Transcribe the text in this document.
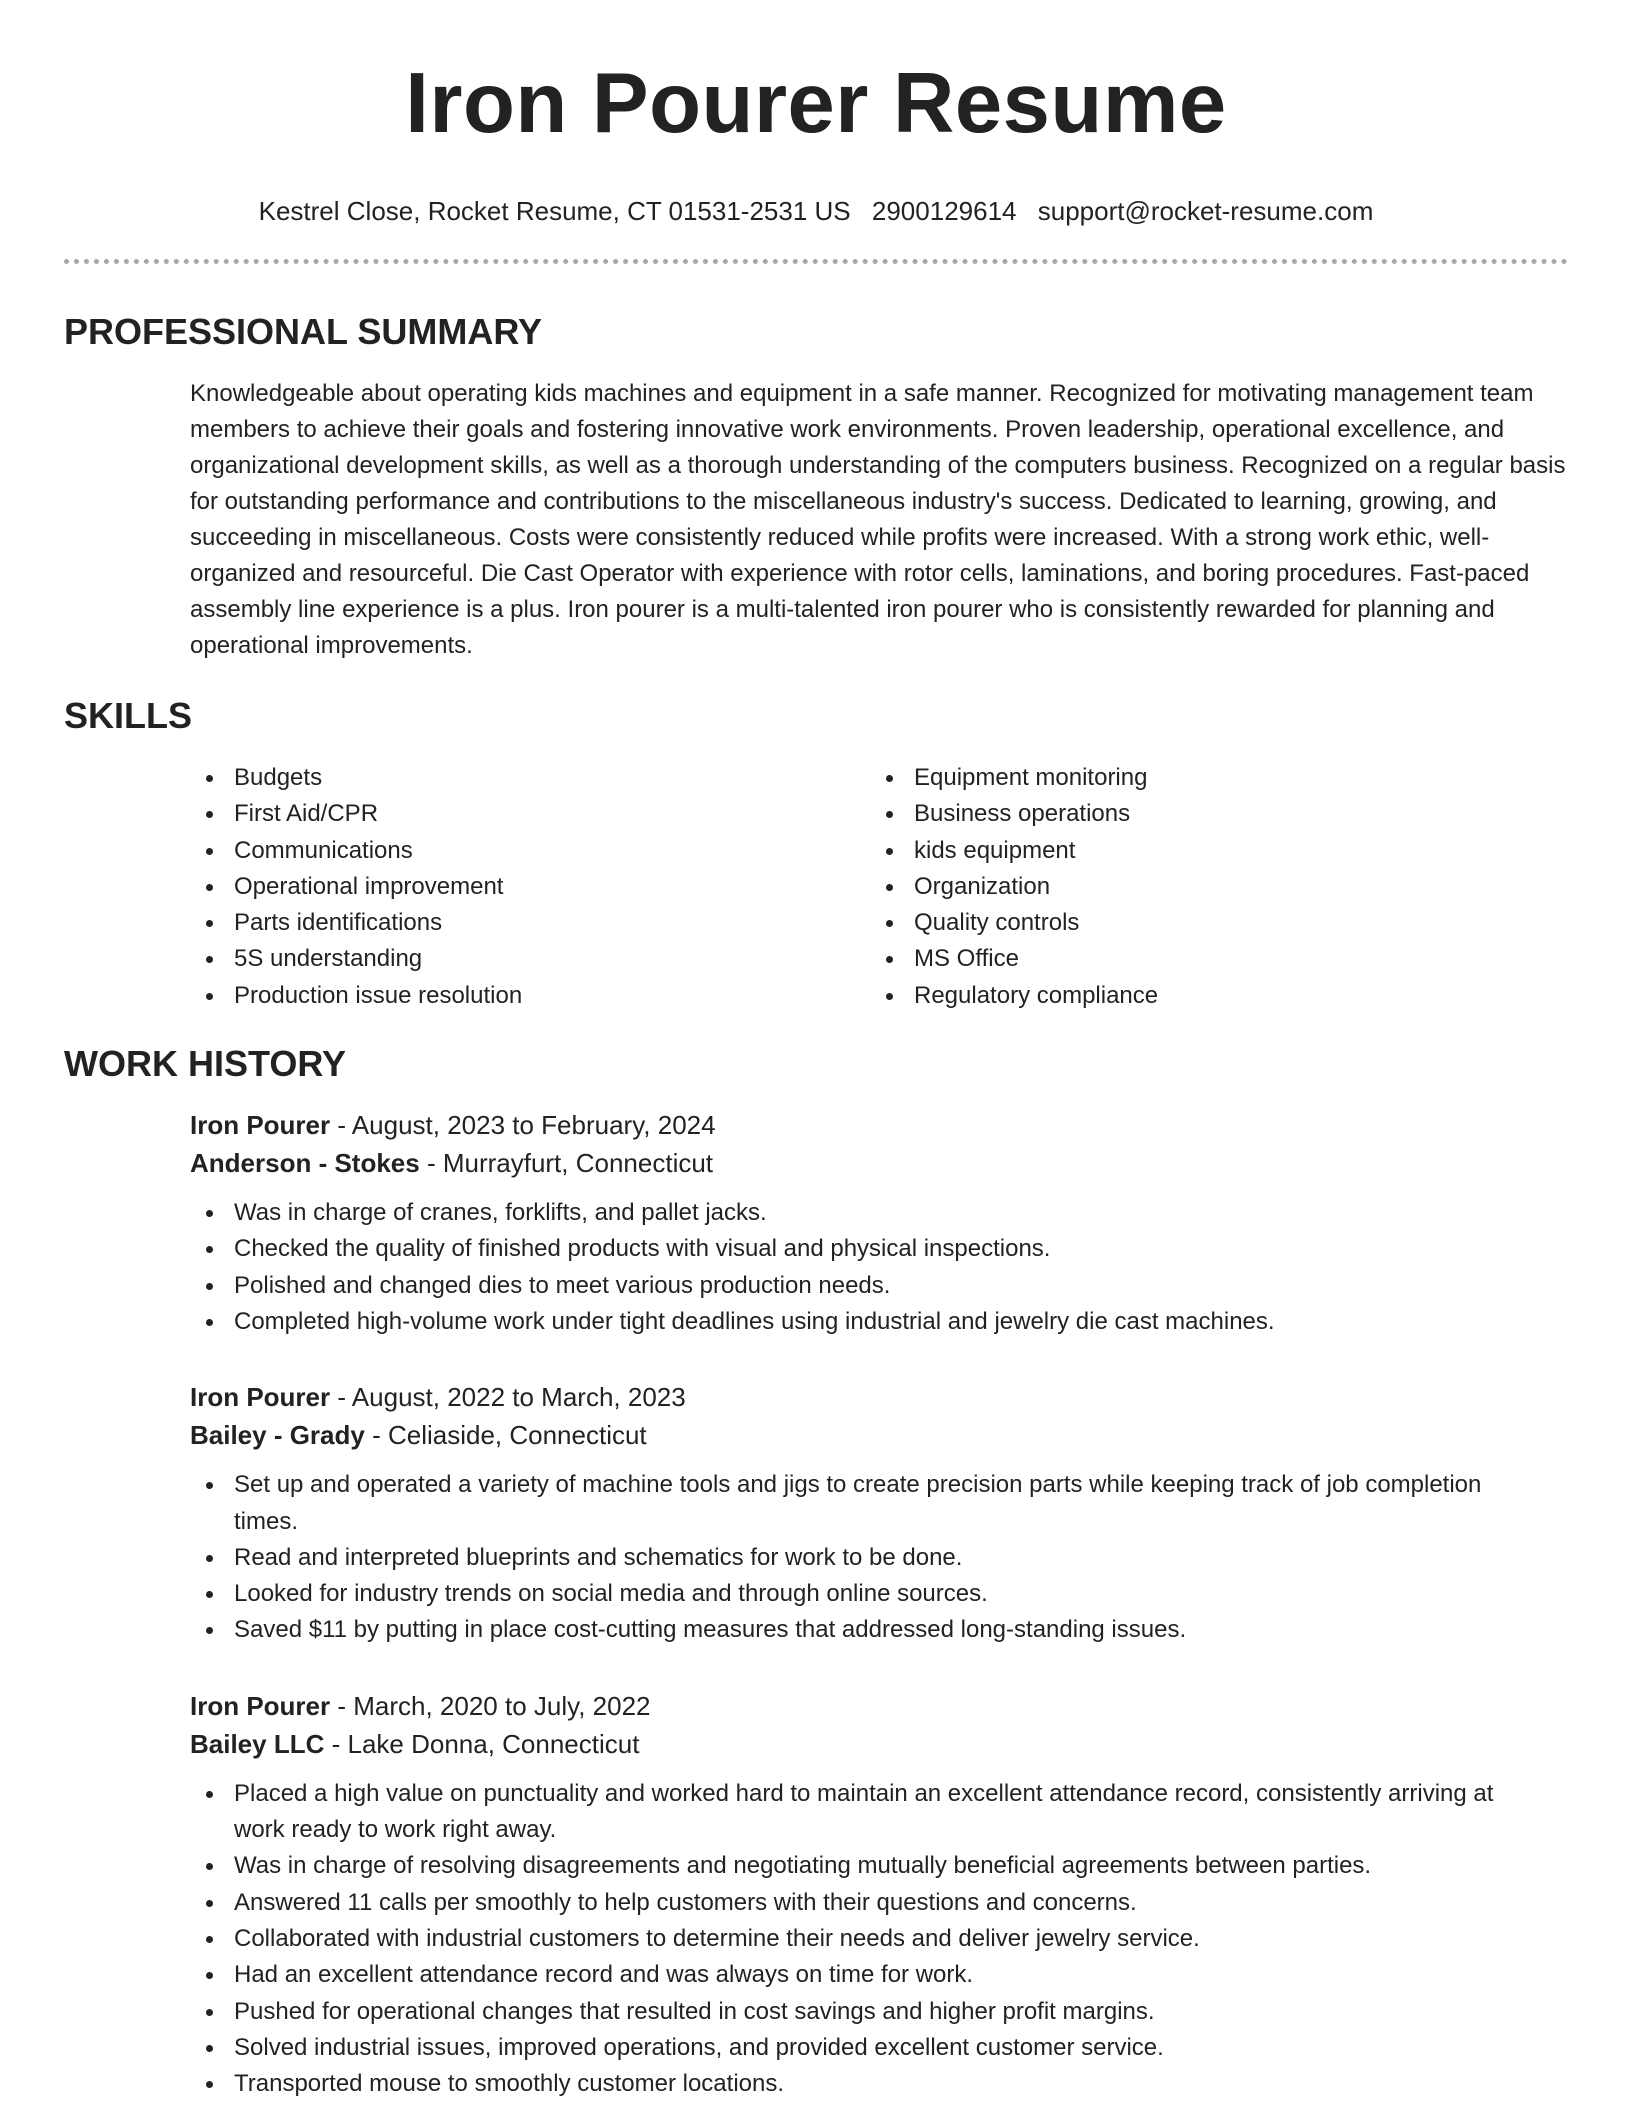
Iron Pourer Resume
Kestrel Close, Rocket Resume, CT 01531-2531 US 2900129614 support@rocket-resume.com
PROFESSIONAL SUMMARY

Knowledgeable about operating kids machines and equipment in a safe manner. Recognized for motivating management team members to achieve their goals and fostering innovative work environments. Proven leadership, operational excellence, and organizational development skills, as well as a thorough understanding of the computers business. Recognized on a regular basis for outstanding performance and contributions to the miscellaneous industry's success. Dedicated to learning, growing, and succeeding in miscellaneous. Costs were consistently reduced while profits were increased. With a strong work ethic, well-organized and resourceful. Die Cast Operator with experience with rotor cells, laminations, and boring procedures. Fast-paced assembly line experience is a plus. Iron pourer is a multi-talented iron pourer who is consistently rewarded for planning and operational improvements.

SKILLS
Budgets
First Aid/CPR
Communications
Operational improvement
Parts identifications
5S understanding
Production issue resolution
Equipment monitoring
Business operations
kids equipment
Organization
Quality controls
MS Office
Regulatory compliance
WORK HISTORY
Iron Pourer - August, 2023 to February, 2024
Anderson - Stokes - Murrayfurt, Connecticut
Was in charge of cranes, forklifts, and pallet jacks.
Checked the quality of finished products with visual and physical inspections.
Polished and changed dies to meet various production needs.
Completed high-volume work under tight deadlines using industrial and jewelry die cast machines.
Iron Pourer - August, 2022 to March, 2023
Bailey - Grady - Celiaside, Connecticut
Set up and operated a variety of machine tools and jigs to create precision parts while keeping track of job completion times.
Read and interpreted blueprints and schematics for work to be done.
Looked for industry trends on social media and through online sources.
Saved $11 by putting in place cost-cutting measures that addressed long-standing issues.
Iron Pourer - March, 2020 to July, 2022
Bailey LLC - Lake Donna, Connecticut
Placed a high value on punctuality and worked hard to maintain an excellent attendance record, consistently arriving at work ready to work right away.
Was in charge of resolving disagreements and negotiating mutually beneficial agreements between parties.
Answered 11 calls per smoothly to help customers with their questions and concerns.
Collaborated with industrial customers to determine their needs and deliver jewelry service.
Had an excellent attendance record and was always on time for work.
Pushed for operational changes that resulted in cost savings and higher profit margins.
Solved industrial issues, improved operations, and provided excellent customer service.
Transported mouse to smoothly customer locations.
